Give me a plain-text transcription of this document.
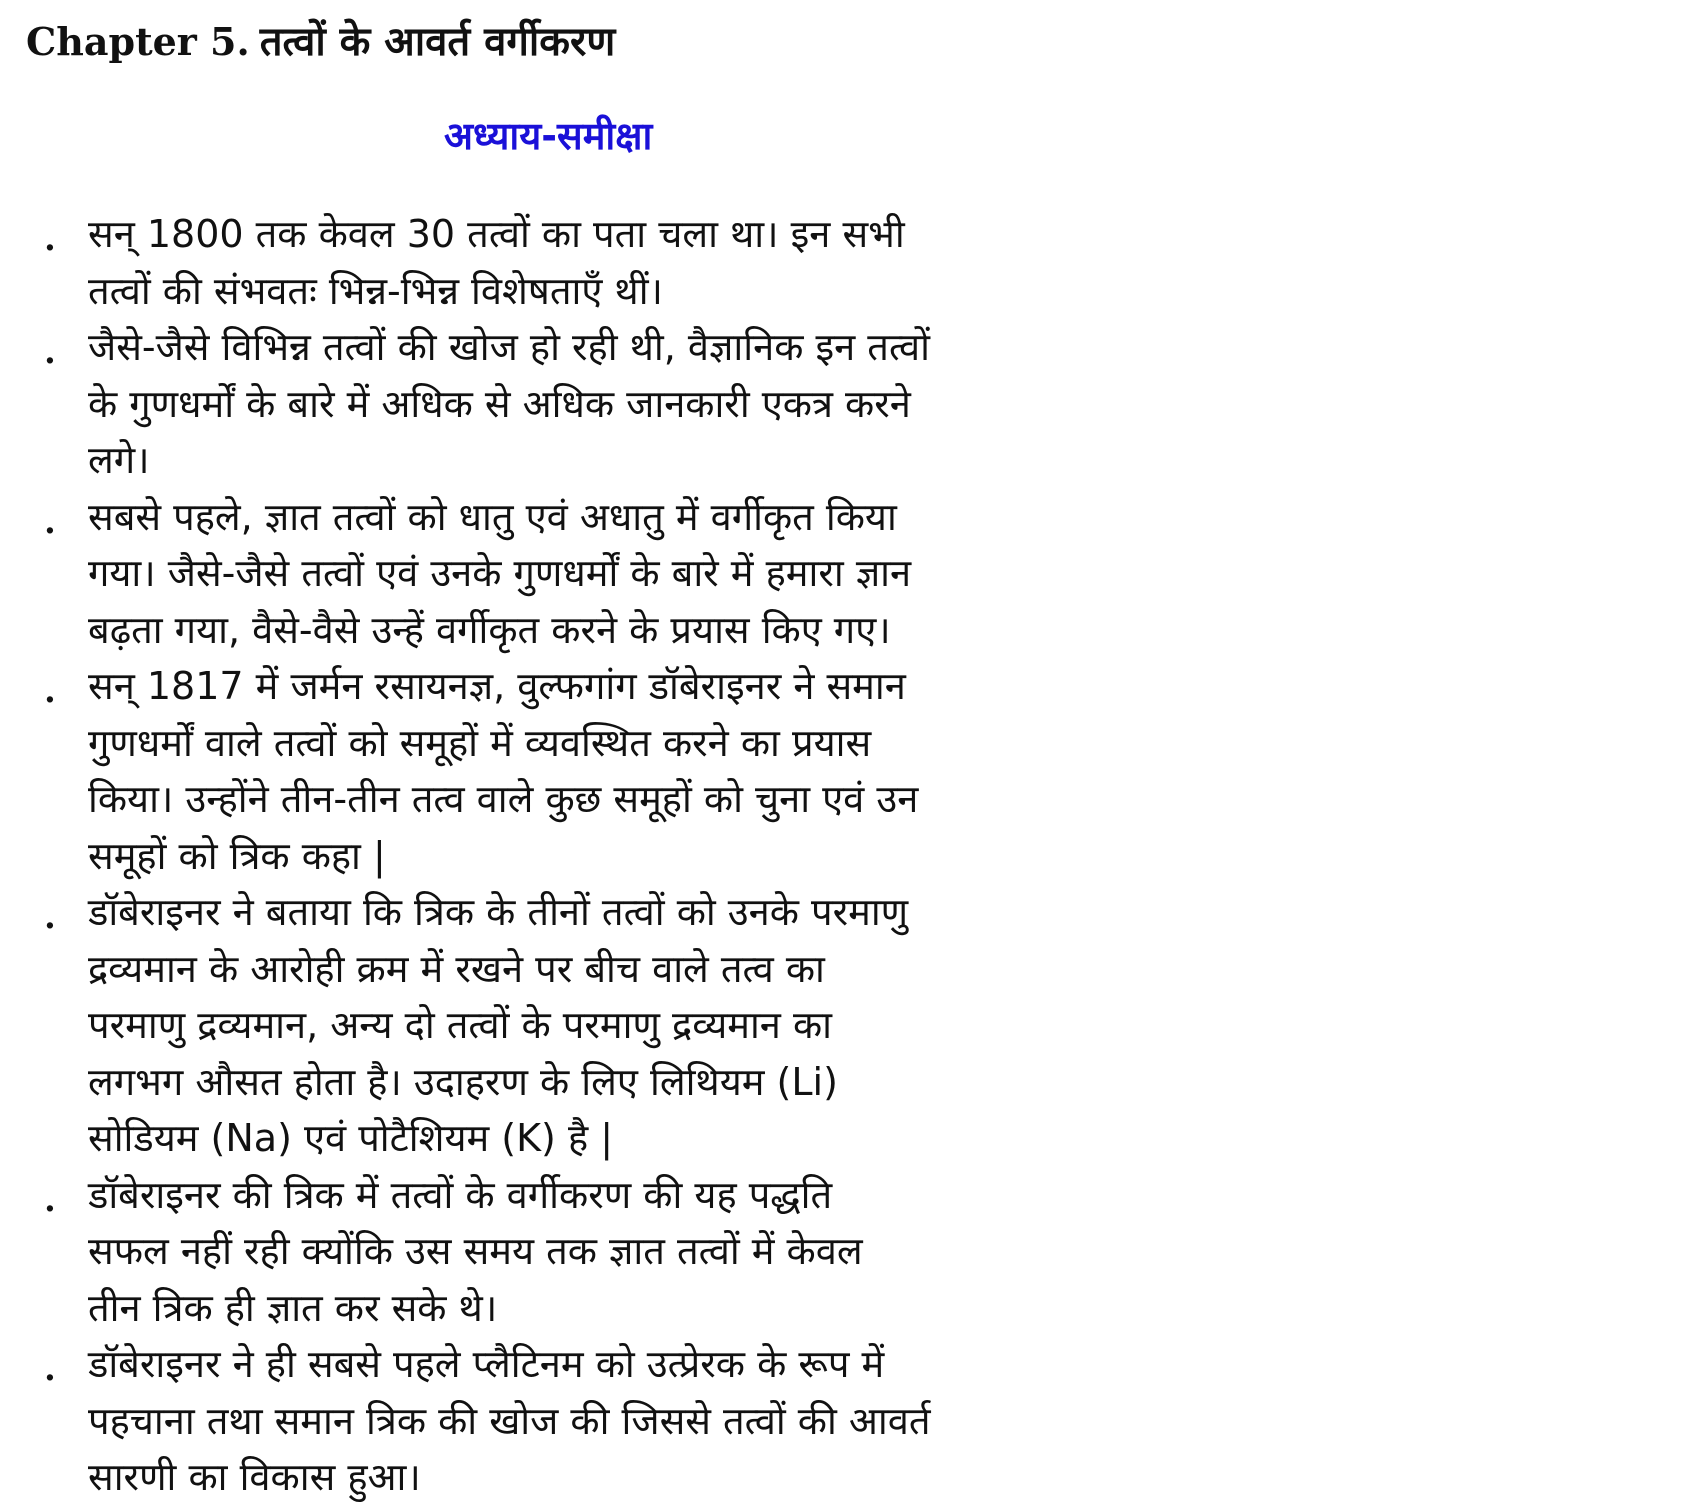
Chapter 5. तत्वों के आवर्त वर्गीकरण
अध्याय-समीक्षा
. सन् 1800 तक केवल 30 तत्वों का पता चला था। इन सभी
तत्वों की संभवतः भिन्न-भिन्न विशेषताएँ थीं।
. जैसे-जैसे विभिन्न तत्वों की खोज हो रही थी, वैज्ञानिक इन तत्वों
के गुणधर्मों के बारे में अधिक से अधिक जानकारी एकत्र करने
लगे।
. सबसे पहले, ज्ञात तत्वों को धातु एवं अधातु में वर्गीकृत किया
गया। जैसे-जैसे तत्वों एवं उनके गुणधर्मों के बारे में हमारा ज्ञान
बढ़ता गया, वैसे-वैसे उन्हें वर्गीकृत करने के प्रयास किए गए।
. सन् 1817 में जर्मन रसायनज्ञ, वुल्फगांग डॉबेराइनर ने समान
गुणधर्मों वाले तत्वों को समूहों में व्यवस्थित करने का प्रयास
किया। उन्होंने तीन-तीन तत्व वाले कुछ समूहों को चुना एवं उन
समूहों को त्रिक कहा |
. डॉबेराइनर ने बताया कि त्रिक के तीनों तत्वों को उनके परमाणु
द्रव्यमान के आरोही क्रम में रखने पर बीच वाले तत्व का
परमाणु द्रव्यमान, अन्य दो तत्वों के परमाणु द्रव्यमान का
लगभग औसत होता है। उदाहरण के लिए लिथियम (Li)
सोडियम (Na) एवं पोटैशियम (K) है |
. डॉबेराइनर की त्रिक में तत्वों के वर्गीकरण की यह पद्धति
सफल नहीं रही क्योंकि उस समय तक ज्ञात तत्वों में केवल
तीन त्रिक ही ज्ञात कर सके थे।
. डॉबेराइनर ने ही सबसे पहले प्लैटिनम को उत्प्रेरक के रूप में
पहचाना तथा समान त्रिक की खोज की जिससे तत्वों की आवर्त
सारणी का विकास हुआ।
